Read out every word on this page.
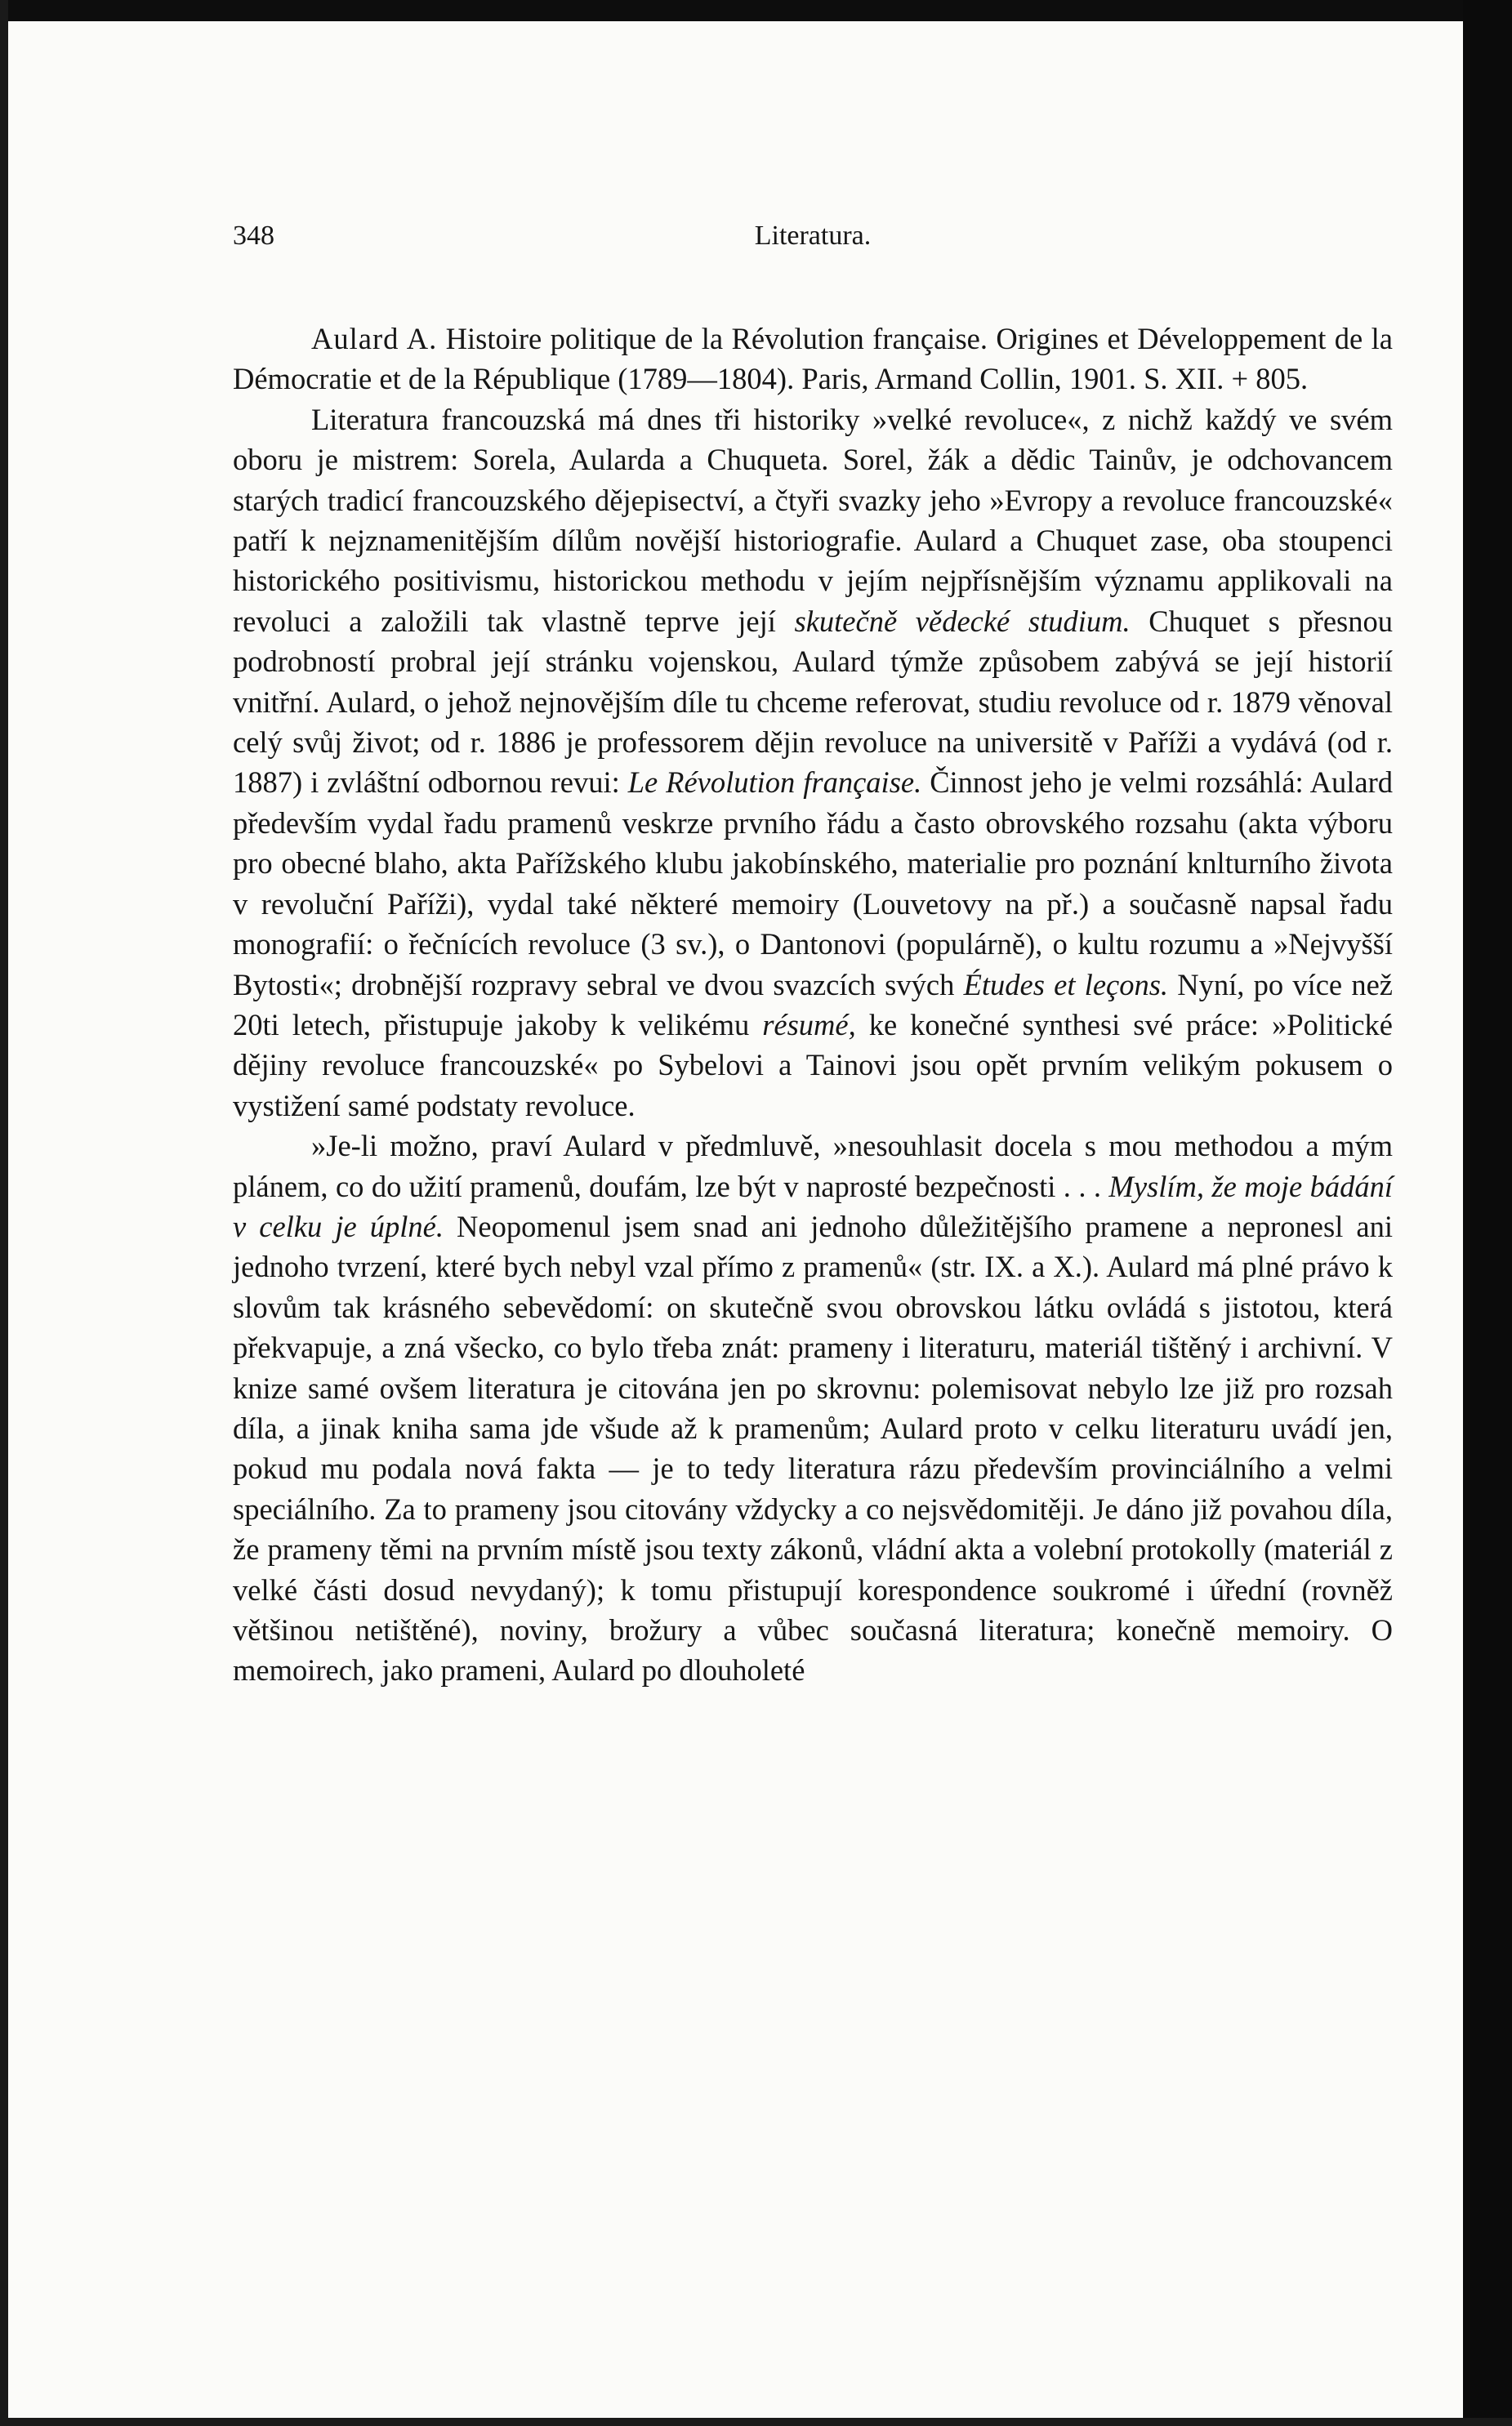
348	Literatura.

Aulard A. Histoire politique de la Révolution française. Origines et Développement de la Démocratie et de la République (1789—1804). Paris, Armand Collin, 1901. S. XII. + 805.

Literatura francouzská má dnes tři historiky »velké revoluce«, z nichž každý ve svém oboru je mistrem: Sorela, Aularda a Chuqueta. Sorel, žák a dědic Tainův, je odchovancem starých tradicí francouzského dějepisectví, a čtyři svazky jeho »Evropy a revoluce francouzské« patří k nejznamenitějším dílům novější historiografie. Aulard a Chuquet zase, oba stoupenci historického positivismu, historickou methodu v jejím nejpřísnějším významu applikovali na revoluci a založili tak vlastně teprve její skutečně vědecké studium. Chuquet s přesnou podrobností probral její stránku vojenskou, Aulard týmže způsobem zabývá se její historií vnitřní. Aulard, o jehož nejnovějším díle tu chceme referovat, studiu revoluce od r. 1879 věnoval celý svůj život; od r. 1886 je professorem dějin revoluce na universitě v Paříži a vydává (od r. 1887) i zvláštní odbornou revui: Le Révolution française. Činnost jeho je velmi rozsáhlá: Aulard především vydal řadu pramenů veskrze prvního řádu a často obrovského rozsahu (akta výboru pro obecné blaho, akta Pařížského klubu jakobínského, materialie pro poznání knlturního života v revoluční Paříži), vydal také některé memoiry (Louvetovy na př.) a současně napsal řadu monografií: o řečnících revoluce (3 sv.), o Dantonovi (populárně), o kultu rozumu a »Nejvyšší Bytosti«; drobnější rozpravy sebral ve dvou svazcích svých Études et leçons. Nyní, po více než 20ti letech, přistupuje jakoby k velikému résumé, ke konečné synthesi své práce: »Politické dějiny revoluce francouzské« po Sybelovi a Tainovi jsou opět prvním velikým pokusem o vystižení samé podstaty revoluce.

»Je-li možno, praví Aulard v předmluvě, »nesouhlasit docela s mou methodou a mým plánem, co do užití pramenů, doufám, lze být v naprosté bezpečnosti . . . Myslím, že moje bádání v celku je úplné. Neopomenul jsem snad ani jednoho důležitějšího pramene a nepronesl ani jednoho tvrzení, které bych nebyl vzal přímo z pramenů« (str. IX. a X.). Aulard má plné právo k slovům tak krásného sebevědomí: on skutečně svou obrovskou látku ovládá s jistotou, která překvapuje, a zná všecko, co bylo třeba znát: prameny i literaturu, materiál tištěný i archivní. V knize samé ovšem literatura je citována jen po skrovnu: polemisovat nebylo lze již pro rozsah díla, a jinak kniha sama jde všude až k pramenům; Aulard proto v celku literaturu uvádí jen, pokud mu podala nová fakta — je to tedy literatura rázu především provinciálního a velmi speciálního. Za to prameny jsou citovány vždycky a co nejsvědomitěji. Je dáno již povahou díla, že prameny těmi na prvním místě jsou texty zákonů, vládní akta a volební protokolly (materiál z velké části dosud nevydaný); k tomu přistupují korespondence soukromé i úřední (rovněž většinou netištěné), noviny, brožury a vůbec současná literatura; konečně memoiry. O memoirech, jako prameni, Aulard po dlouholeté
